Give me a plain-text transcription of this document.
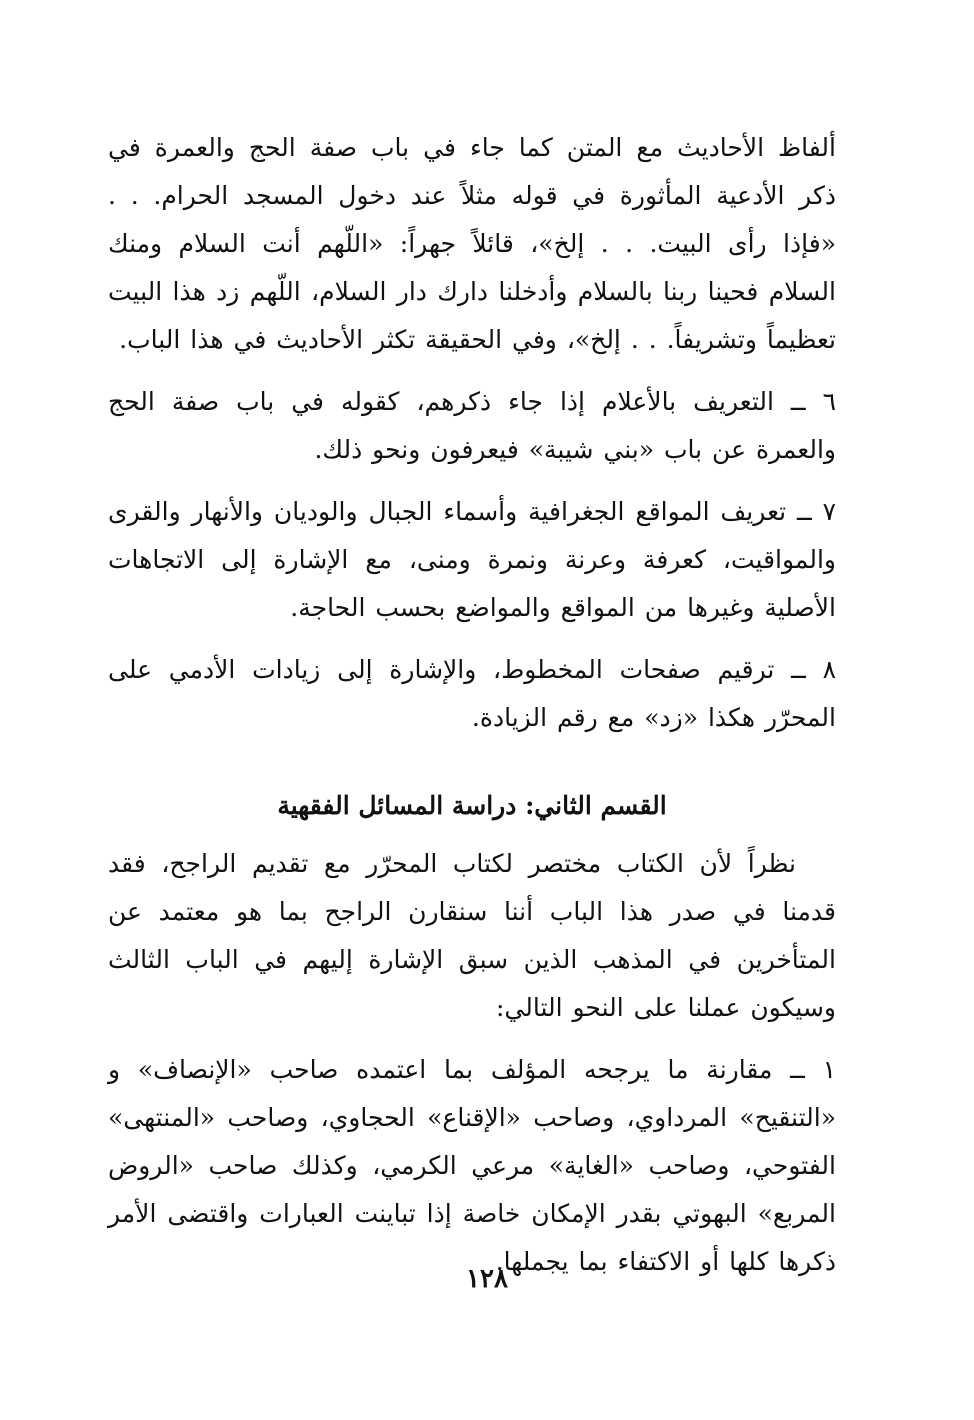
ألفاظ الأحاديث مع المتن كما جاء في باب صفة الحج والعمرة في ذكر الأدعية المأثورة في قوله مثلاً عند دخول المسجد الحرام. . . «فإذا رأى البيت. . . إلخ»، قائلاً جهراً: «اللّهم أنت السلام ومنك السلام فحينا ربنا بالسلام وأدخلنا دارك دار السلام، اللّهم زد هذا البيت تعظيماً وتشريفاً. . . إلخ»، وفي الحقيقة تكثر الأحاديث في هذا الباب.

٦ ــ التعريف بالأعلام إذا جاء ذكرهم، كقوله في باب صفة الحج والعمرة عن باب «بني شيبة» فيعرفون ونحو ذلك.

٧ ــ تعريف المواقع الجغرافية وأسماء الجبال والوديان والأنهار والقرى والمواقيت، كعرفة وعرنة ونمرة ومنى، مع الإشارة إلى الاتجاهات الأصلية وغيرها من المواقع والمواضع بحسب الحاجة.

٨ ــ ترقيم صفحات المخطوط، والإشارة إلى زيادات الأدمي على المحرّر هكذا «زد» مع رقم الزيادة.

القسم الثاني: دراسة المسائل الفقهية

نظراً لأن الكتاب مختصر لكتاب المحرّر مع تقديم الراجح، فقد قدمنا في صدر هذا الباب أننا سنقارن الراجح بما هو معتمد عن المتأخرين في المذهب الذين سبق الإشارة إليهم في الباب الثالث وسيكون عملنا على النحو التالي:

١ ــ مقارنة ما يرجحه المؤلف بما اعتمده صاحب «الإنصاف» و «التنقيح» المرداوي، وصاحب «الإقناع» الحجاوي، وصاحب «المنتهى» الفتوحي، وصاحب «الغاية» مرعي الكرمي، وكذلك صاحب «الروض المربع» البهوتي بقدر الإمكان خاصة إذا تباينت العبارات واقتضى الأمر ذكرها كلها أو الاكتفاء بما يجملها.

١٢٨
